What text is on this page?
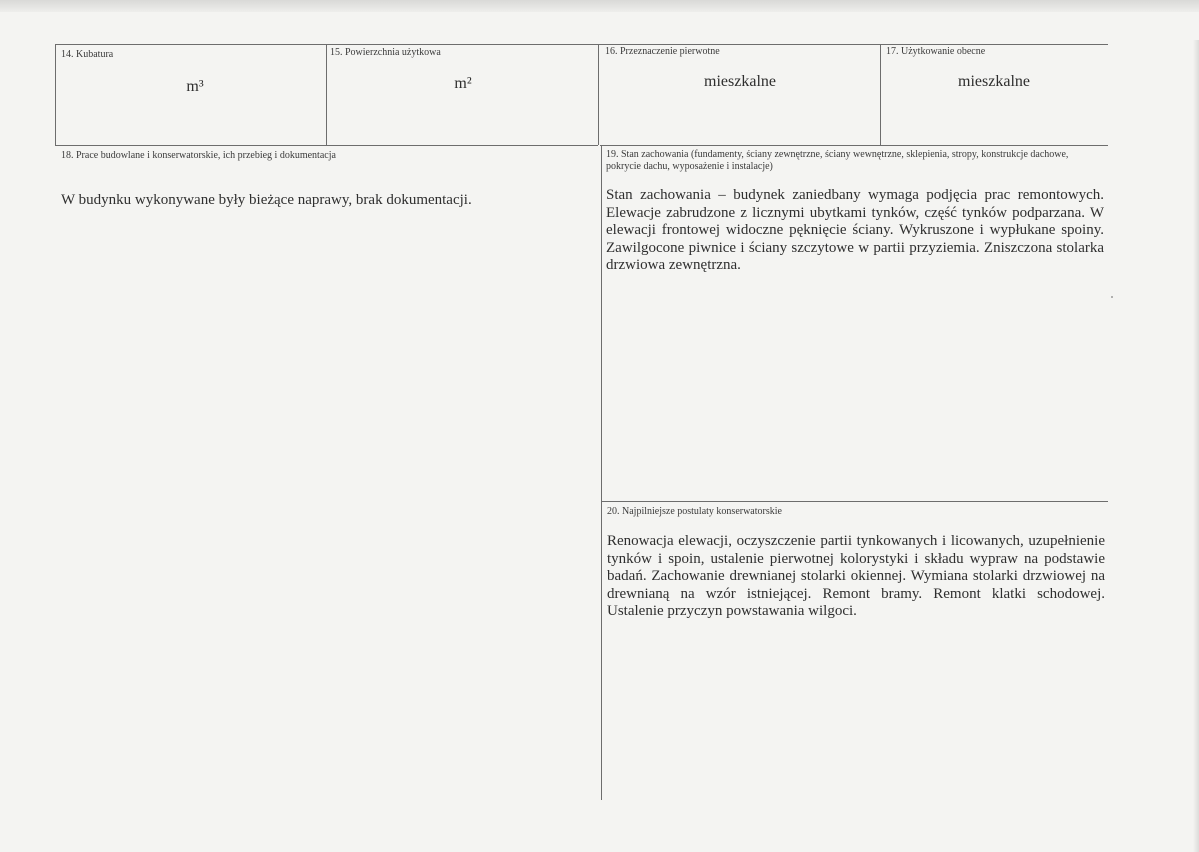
14. Kubatura
m³
15. Powierzchnia użytkowa
m²
16. Przeznaczenie pierwotne
mieszkalne
17. Użytkowanie obecne
mieszkalne
18. Prace budowlane i konserwatorskie, ich przebieg i dokumentacja
W budynku wykonywane były bieżące naprawy, brak dokumentacji.
19. Stan zachowania (fundamenty, ściany zewnętrzne, ściany wewnętrzne, sklepienia, stropy, konstrukcje dachowe, pokrycie dachu, wyposażenie i instalacje)
Stan zachowania – budynek zaniedbany wymaga podjęcia prac remontowych. Elewacje zabrudzone z licznymi ubytkami tynków, część tynków podparzana. W elewacji frontowej widoczne pęknięcie ściany. Wykruszone i wypłukane spoiny. Zawilgocone piwnice i ściany szczytowe w partii przyziemia. Zniszczona stolarka drzwiowa zewnętrzna.
20. Najpilniejsze postulaty konserwatorskie
Renowacja elewacji, oczyszczenie partii tynkowanych i licowanych, uzupełnienie tynków i spoin, ustalenie pierwotnej kolorystyki i składu wypraw na podstawie badań. Zachowanie drewnianej stolarki okiennej. Wymiana stolarki drzwiowej na drewnianą na wzór istniejącej. Remont bramy. Remont klatki schodowej. Ustalenie przyczyn powstawania wilgoci.
